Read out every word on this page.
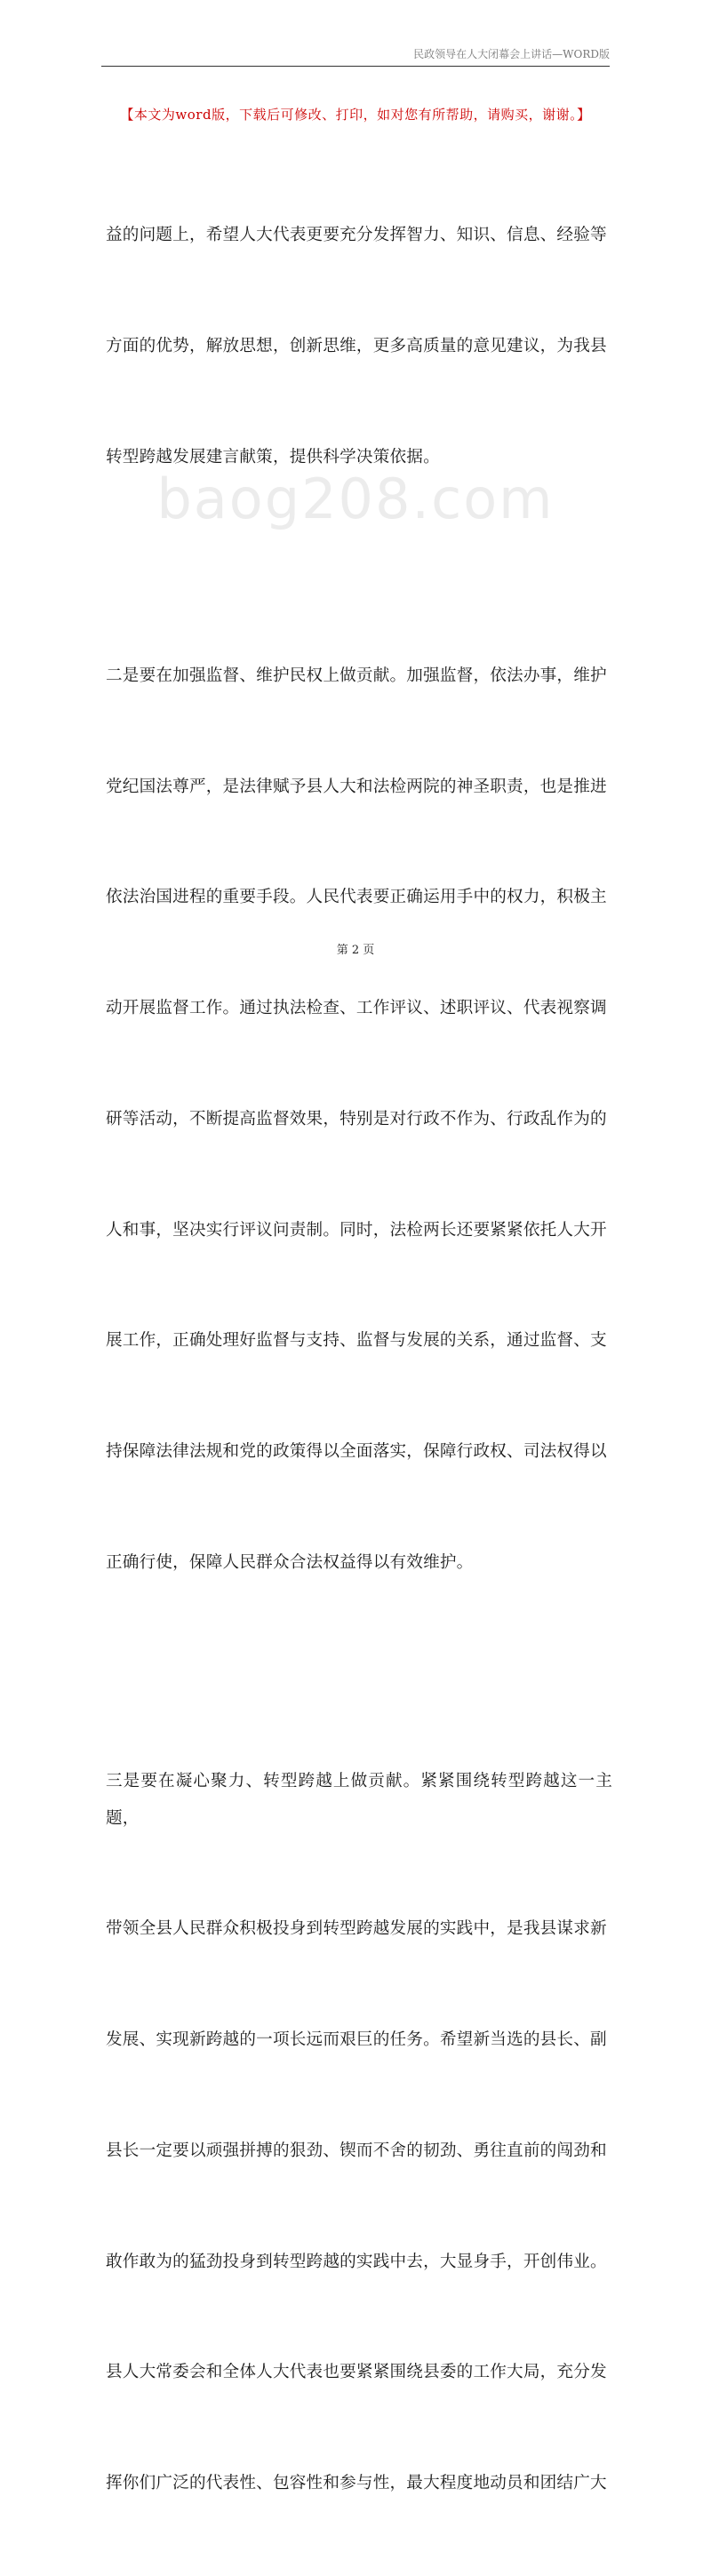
民政领导在人大闭幕会上讲话—WORD版
【本文为word版，下载后可修改、打印，如对您有所帮助，请购买，谢谢。】
baog208.com

益的问题上，希望人大代表更要充分发挥智力、知识、信息、经验等

方面的优势，解放思想，创新思维，更多高质量的意见建议，为我县

转型跨越发展建言献策，提供科学决策依据。

二是要在加强监督、维护民权上做贡献。加强监督，依法办事，维护

党纪国法尊严，是法律赋予县人大和法检两院的神圣职责，也是推进

依法治国进程的重要手段。人民代表要正确运用手中的权力，积极主

动开展监督工作。通过执法检查、工作评议、述职评议、代表视察调

研等活动，不断提高监督效果，特别是对行政不作为、行政乱作为的

人和事，坚决实行评议问责制。同时，法检两长还要紧紧依托人大开

展工作，正确处理好监督与支持、监督与发展的关系，通过监督、支

持保障法律法规和党的政策得以全面落实，保障行政权、司法权得以

正确行使，保障人民群众合法权益得以有效维护。

三是要在凝心聚力、转型跨越上做贡献。紧紧围绕转型跨越这一主题，

带领全县人民群众积极投身到转型跨越发展的实践中，是我县谋求新

发展、实现新跨越的一项长远而艰巨的任务。希望新当选的县长、副

县长一定要以顽强拼搏的狠劲、锲而不舍的韧劲、勇往直前的闯劲和

敢作敢为的猛劲投身到转型跨越的实践中去，大显身手，开创伟业。

县人大常委会和全体人大代表也要紧紧围绕县委的工作大局，充分发

挥你们广泛的代表性、包容性和参与性，最大程度地动员和团结广大

第 2 页
